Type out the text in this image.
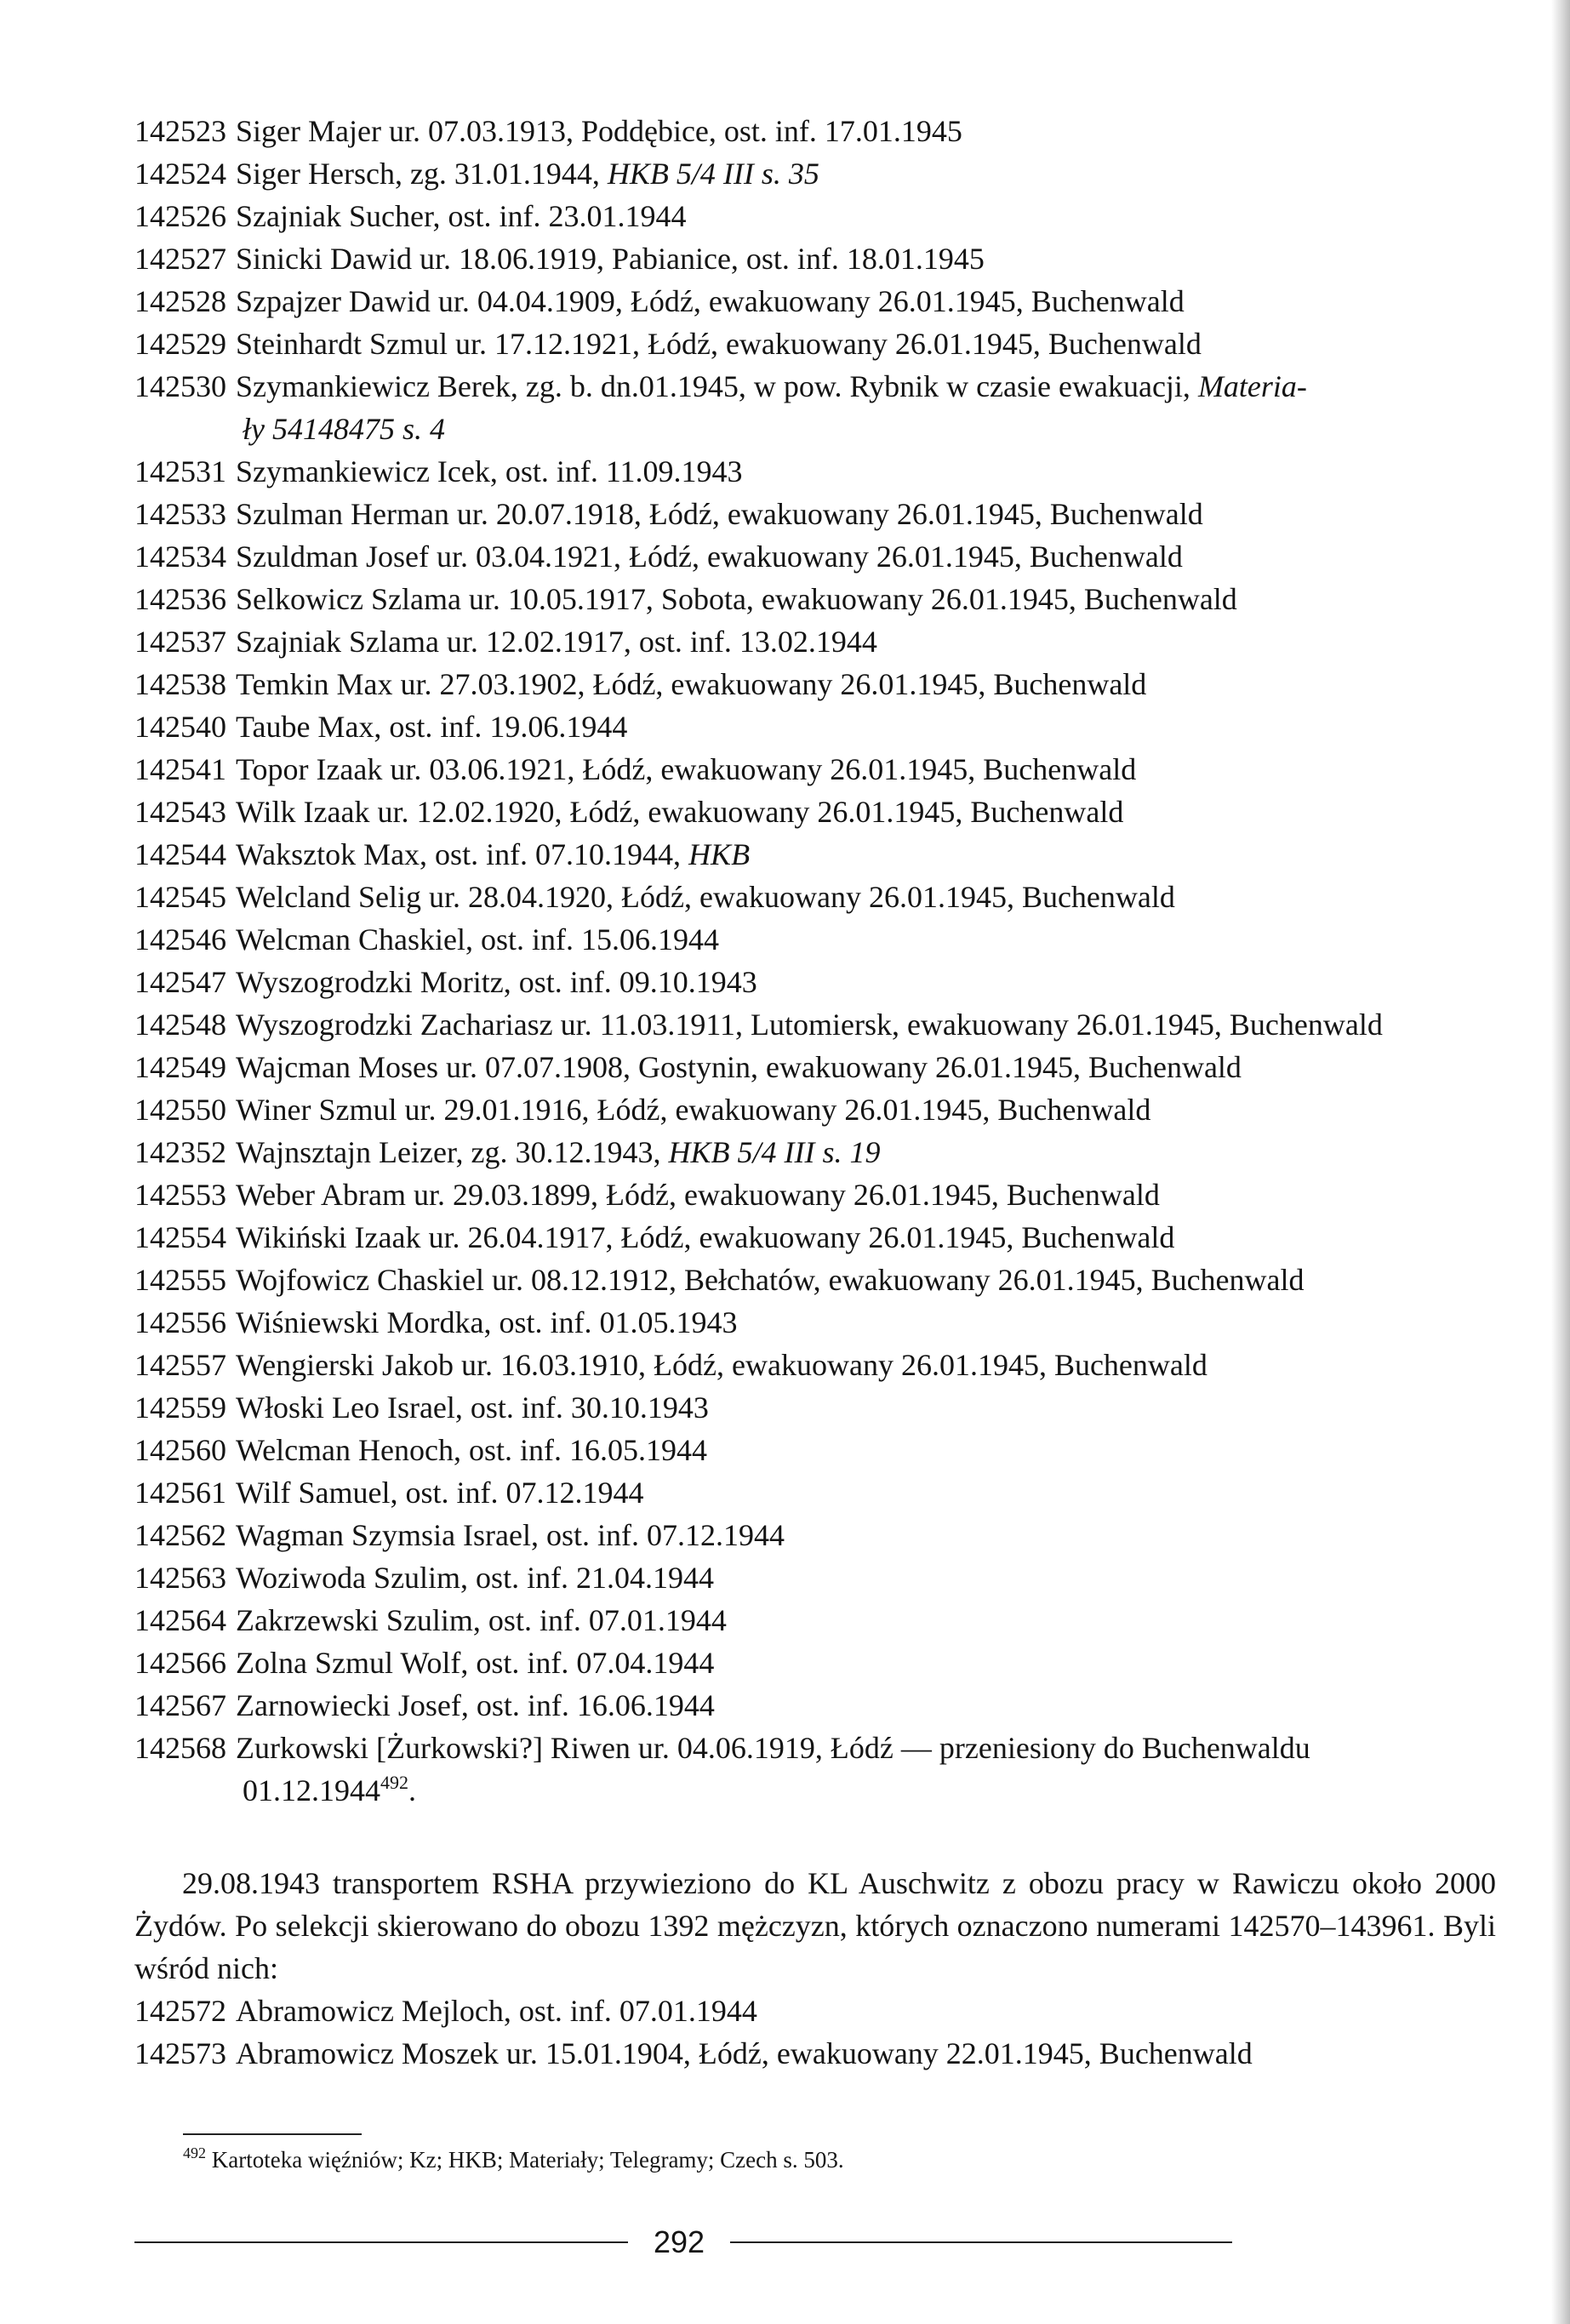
142523 Siger Majer ur. 07.03.1913, Poddębice, ost. inf. 17.01.1945
142524 Siger Hersch, zg. 31.01.1944, HKB 5/4 III s. 35
142526 Szajniak Sucher, ost. inf. 23.01.1944
142527 Sinicki Dawid ur. 18.06.1919, Pabianice, ost. inf. 18.01.1945
142528 Szpajzer Dawid ur. 04.04.1909, Łódź, ewakuowany 26.01.1945, Buchenwald
142529 Steinhardt Szmul ur. 17.12.1921, Łódź, ewakuowany 26.01.1945, Buchenwald
142530 Szymankiewicz Berek, zg. b. dn.01.1945, w pow. Rybnik w czasie ewakuacji, Materia-
ły 54148475 s. 4
142531 Szymankiewicz Icek, ost. inf. 11.09.1943
142533 Szulman Herman ur. 20.07.1918, Łódź, ewakuowany 26.01.1945, Buchenwald
142534 Szuldman Josef ur. 03.04.1921, Łódź, ewakuowany 26.01.1945, Buchenwald
142536 Selkowicz Szlama ur. 10.05.1917, Sobota, ewakuowany 26.01.1945, Buchenwald
142537 Szajniak Szlama ur. 12.02.1917, ost. inf. 13.02.1944
142538 Temkin Max ur. 27.03.1902, Łódź, ewakuowany 26.01.1945, Buchenwald
142540 Taube Max, ost. inf. 19.06.1944
142541 Topor Izaak ur. 03.06.1921, Łódź, ewakuowany 26.01.1945, Buchenwald
142543 Wilk Izaak ur. 12.02.1920, Łódź, ewakuowany 26.01.1945, Buchenwald
142544 Waksztok Max, ost. inf. 07.10.1944, HKB
142545 Welcland Selig ur. 28.04.1920, Łódź, ewakuowany 26.01.1945, Buchenwald
142546 Welcman Chaskiel, ost. inf. 15.06.1944
142547 Wyszogrodzki Moritz, ost. inf. 09.10.1943
142548 Wyszogrodzki Zachariasz ur. 11.03.1911, Lutomiersk, ewakuowany 26.01.1945, Buchenwald
142549 Wajcman Moses ur. 07.07.1908, Gostynin, ewakuowany 26.01.1945, Buchenwald
142550 Winer Szmul ur. 29.01.1916, Łódź, ewakuowany 26.01.1945, Buchenwald
142352 Wajnsztajn Leizer, zg. 30.12.1943, HKB 5/4 III s. 19
142553 Weber Abram ur. 29.03.1899, Łódź, ewakuowany 26.01.1945, Buchenwald
142554 Wikiński Izaak ur. 26.04.1917, Łódź, ewakuowany 26.01.1945, Buchenwald
142555 Wojfowicz Chaskiel ur. 08.12.1912, Bełchatów, ewakuowany 26.01.1945, Buchenwald
142556 Wiśniewski Mordka, ost. inf. 01.05.1943
142557 Wengierski Jakob ur. 16.03.1910, Łódź, ewakuowany 26.01.1945, Buchenwald
142559 Włoski Leo Israel, ost. inf. 30.10.1943
142560 Welcman Henoch, ost. inf. 16.05.1944
142561 Wilf Samuel, ost. inf. 07.12.1944
142562 Wagman Szymsia Israel, ost. inf. 07.12.1944
142563 Woziwoda Szulim, ost. inf. 21.04.1944
142564 Zakrzewski Szulim, ost. inf. 07.01.1944
142566 Zolna Szmul Wolf, ost. inf. 07.04.1944
142567 Zarnowiecki Josef, ost. inf. 16.06.1944
142568 Zurkowski [Żurkowski?] Riwen ur. 04.06.1919, Łódź — przeniesiony do Buchenwaldu
01.12.1944$^{492}$.

29.08.1943 transportem RSHA przywieziono do KL Auschwitz z obozu pracy w Rawiczu około 2000 Żydów. Po selekcji skierowano do obozu 1392 mężczyzn, których oznaczono numerami 142570–143961. Byli wśród nich:

142572 Abramowicz Mejloch, ost. inf. 07.01.1944
142573 Abramowicz Moszek ur. 15.01.1904, Łódź, ewakuowany 22.01.1945, Buchenwald
$^{492}$ Kartoteka więźniów; Kz; HKB; Materiały; Telegramy; Czech s. 503.
292
